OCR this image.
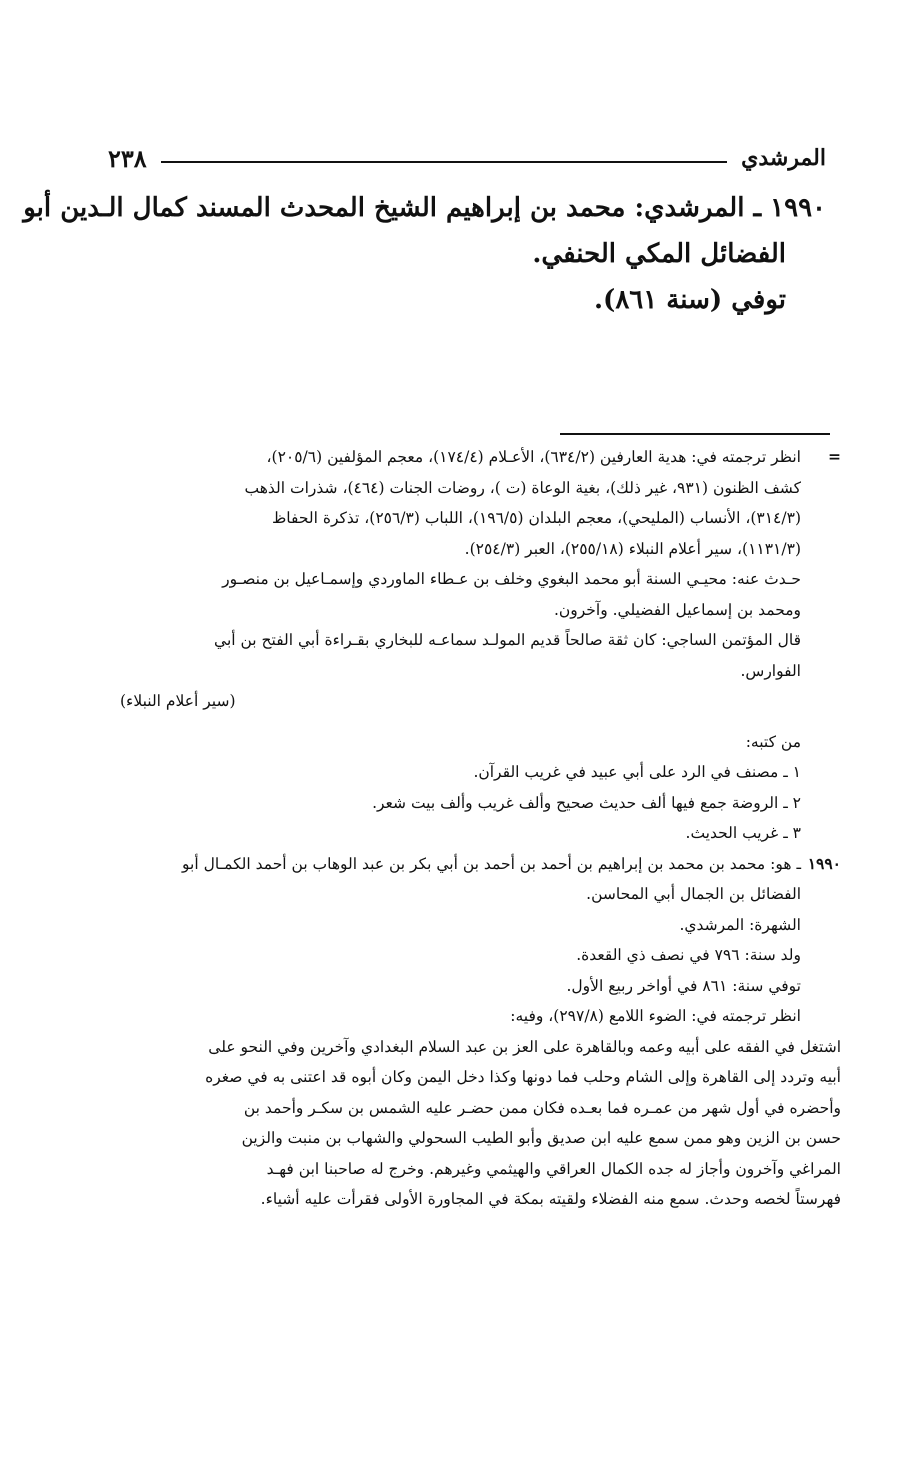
المرشدي
٢٣٨
١٩٩٠ ـ المرشدي: محمد بن إبراهيم الشيخ المحدث المسند كمال الـدين أبو
الفضائل المكي الحنفي.
توفي (سنة ٨٦١).
=
انظر ترجمته في: هدية العارفين (٦٣٤/٢)، الأعـلام (١٧٤/٤)، معجم المؤلفين (٢٠٥/٦)،
كشف الظنون (٩٣١، غير ذلك)، بغية الوعاة (ت )، روضات الجنات (٤٦٤)، شذرات الذهب
(٣١٤/٣)، الأنساب (المليحي)، معجم البلدان (١٩٦/٥)، اللباب (٢٥٦/٣)، تذكرة الحفاظ
(١١٣١/٣)، سير أعلام النبلاء (٢٥٥/١٨)، العبر (٢٥٤/٣).
حـدث عنه: محيـي السنة أبو محمد البغوي وخلف بن عـطاء الماوردي وإسمـاعيل بن منصـور
ومحمد بن إسماعيل الفضيلي. وآخرون.
قال المؤتمن الساجي: كان ثقة صالحاً قديم المولـد سماعـه للبخاري بقـراءة أبي الفتح بن أبي
الفوارس.
(سير أعلام النبلاء)
من كتبه:
١ ـ مصنف في الرد على أبي عبيد في غريب القرآن.
٢ ـ الروضة جمع فيها ألف حديث صحيح وألف غريب وألف بيت شعر.
٣ ـ غريب الحديث.
١٩٩٠
ـ هو: محمد بن محمد بن إبراهيم بن أحمد بن أحمد بن أبي بكر بن عبد الوهاب بن أحمد الكمـال أبو
الفضائل بن الجمال أبي المحاسن.
الشهرة: المرشدي.
ولد سنة: ٧٩٦ في نصف ذي القعدة.
توفي سنة: ٨٦١ في أواخر ربيع الأول.
انظر ترجمته في: الضوء اللامع (٢٩٧/٨)، وفيه:
اشتغل في الفقه على أبيه وعمه وبالقاهرة على العز بن عبد السلام البغدادي وآخرين وفي النحو على
أبيه وتردد إلى القاهرة وإلى الشام وحلب فما دونها وكذا دخل اليمن وكان أبوه قد اعتنى به في صغره
وأحضره في أول شهر من عمـره فما بعـده فكان ممن حضـر عليه الشمس بن سكـر وأحمد بن
حسن بن الزين وهو ممن سمع عليه ابن صديق وأبو الطيب السحولي والشهاب بن منبت والزين
المراغي وآخرون وأجاز له جده الكمال العراقي والهيثمي وغيرهم. وخرج له صاحبنا ابن فهـد
فهرستاً لخصه وحدث. سمع منه الفضلاء ولقيته بمكة في المجاورة الأولى فقرأت عليه أشياء.
